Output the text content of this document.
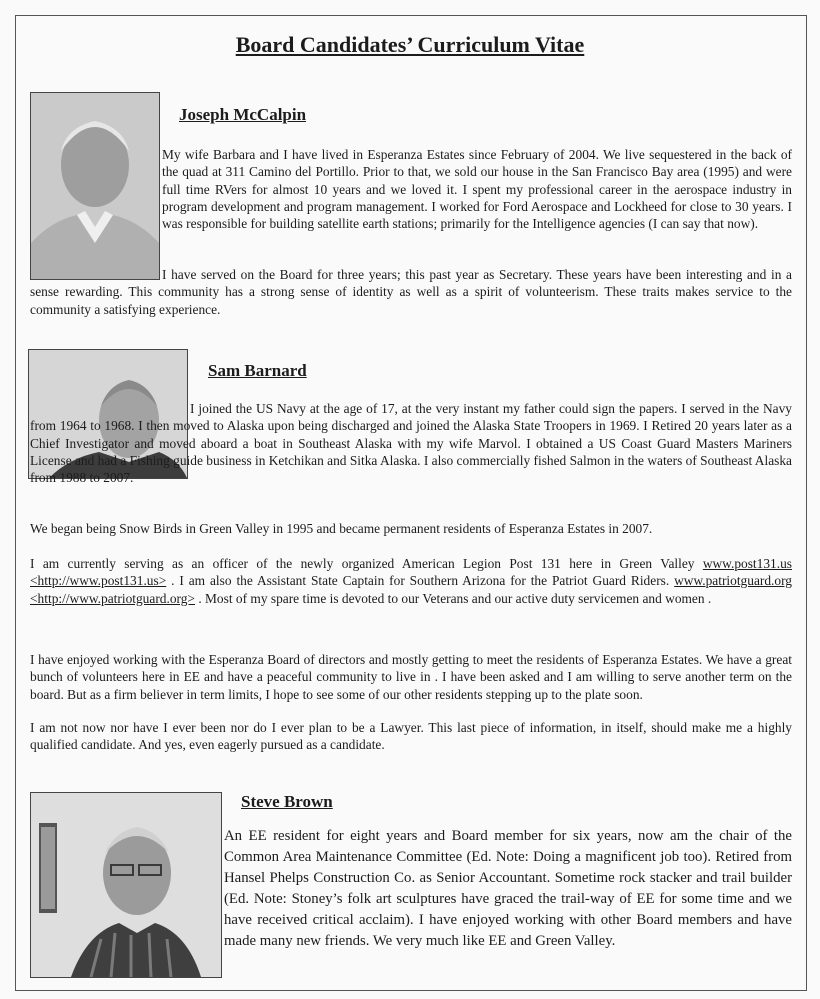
Board Candidates’ Curriculum Vitae
Joseph McCalpin

My wife Barbara and I have lived in Esperanza Estates since February of 2004. We live sequestered in the back of the quad at 311 Camino del Portillo. Prior to that, we sold our house in the San Francisco Bay area (1995) and were full time RVers for almost 10 years and we loved it. I spent my professional career in the aerospace industry in program development and program management. I worked for Ford Aerospace and Lockheed for close to 30 years. I was responsible for building satellite earth stations; primarily for the Intelligence agencies (I can say that now).

I have served on the Board for three years; this past year as Secretary. These years have been interesting and in a sense rewarding. This community has a strong sense of identity as well as a spirit of volunteerism. These traits makes service to the community a satisfying experience.

Sam Barnard

I joined the US Navy at the age of 17, at the very instant my father could sign the papers. I served in the Navy from 1964 to 1968. I then moved to Alaska upon being discharged and joined the Alaska State Troopers in 1969. I Retired 20 years later as a Chief Investigator and moved aboard a boat in Southeast Alaska with my wife Marvol. I obtained a US Coast Guard Masters Mariners License and had a Fishing guide business in Ketchikan and Sitka Alaska. I also commercially fished Salmon in the waters of Southeast Alaska from 1988 to 2007.

We began being Snow Birds in Green Valley in 1995 and became permanent residents of Esperanza Estates in 2007.

I am currently serving as an officer of the newly organized American Legion Post 131 here in Green Valley www.post131.us <http://www.post131.us> . I am also the Assistant State Captain for Southern Arizona for the Patriot Guard Riders. www.patriotguard.org <http://www.patriotguard.org> . Most of my spare time is devoted to our Veterans and our active duty servicemen and women .

I have enjoyed working with the Esperanza Board of directors and mostly getting to meet the residents of Esperanza Estates. We have a great bunch of volunteers here in EE and have a peaceful community to live in . I have been asked and I am willing to serve another term on the board. But as a firm believer in term limits, I hope to see some of our other residents stepping up to the plate soon.

I am not now nor have I ever been nor do I ever plan to be a Lawyer. This last piece of information, in itself, should make me a highly qualified candidate. And yes, even eagerly pursued as a candidate.

Steve Brown

An EE resident for eight years and Board member for six years, now am the chair of the Common Area Maintenance Committee (Ed. Note: Doing a magnificent job too). Retired from Hansel Phelps Construction Co. as Senior Accountant. Sometime rock stacker and trail builder (Ed. Note: Stoney’s folk art sculptures have graced the trail-way of EE for some time and we have received critical acclaim). I have enjoyed working with other Board members and have made many new friends. We very much like EE and Green Valley.
